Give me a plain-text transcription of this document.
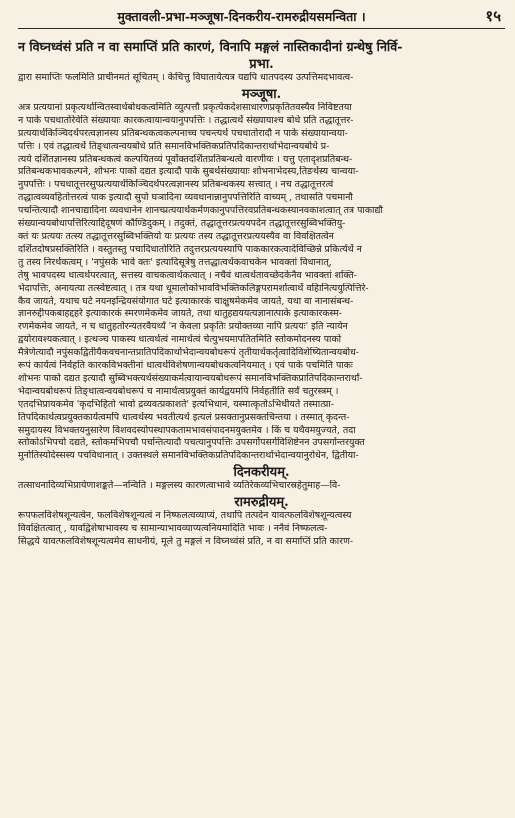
मुक्तावली-प्रभा-मञ्जूषा-दिनकरीय-रामरुद्रीयसमन्विता ।	१५
न विघ्नध्वंसं प्रति न वा समाप्तिं प्रति कारणं, विनापि मङ्गलं नास्तिकादीनां ग्रन्थेषु निर्वि-
प्रभा.
द्वारा समाप्तिः फलमिति प्राचीनमतं सूचितम् । केचित्तु विघातायेत्यत्र यद्यपि धातपदस्य उत्पत्तिमदभावत्व-
मञ्जूषा.
अत्र प्रत्ययानां प्रकृत्यर्थान्वितस्वार्थबोधकत्वमिति व्युत्पत्तौ प्रकृत्येकदेशसाधारणप्रकृतितवस्यैव निविष्टतया
न पाके पचधातोरेवेति संख्यायाः कारकत्वायान्वयानुपपत्तिः । तद्धात्वर्थे संख्यायाश्च बोधे प्रति तद्धातूत्तर-
प्रत्ययार्थकिञ्चिदर्थपरत्वज्ञानस्य प्रतिबन्धकत्वकल्पनाच्च पचन्त्यर्थ पचधातोरादौ न पाके संख्यायान्वया-
पत्तिः । एवं तद्धात्वर्थे तिङ्धात्वन्वयबोधे प्रति समानविभक्तिकप्रतिपदिकान्तरार्थाभेदान्वयबोधे प्र-
त्यये दर्शितज्ञानस्य प्रतिबन्धकत्वं कल्पयितव्यं पूर्वोक्तदर्शितप्रतिबन्धत्वे वारणीयः । यत्तु एतादृशप्रतिबन्ध-
प्रतिबन्धकभावकल्पने, शोभनः पाको दद्यत इत्यादौ पाके सुबर्थसंख्यायाः शोभनाभेदस्य,तिङर्थस्य चान्वया-
नुपपत्तिः । पचधातूत्तरसुप्प्रत्ययार्थकिञ्चिदर्थपरत्वज्ञानस्य प्रतिबन्धकस्य सत्त्वात् । नच तद्धातूत्तरत्वं
तद्धात्वव्यवहितोत्तरत्वं पाक इत्यादौ सुपो घञादिना व्यवधानान्नानुपपत्तिरिति वाच्यम् , तथासति पचमानौ
पचन्तित्यादौ शानचाद्यादिना व्यवधानेन शानच्प्रत्ययार्थकर्मणकानुपपत्तिरवप्रतिबन्धकस्यानवकाशत्वात् तत्र पाकाद्यौ
संख्यान्वयबोधापत्तिरित्याद्दिदूषणं कौण्डिदुकम् । तदुक्तं, तद्धातूत्तरप्रत्ययपदेन तद्धातूत्तरसुब्विभक्तियु-
क्तं यः प्रत्ययः तत्स्य तद्धातूत्तरसुब्विभक्तियो यः प्रत्ययः तस्य तद्धातूत्तरप्रत्ययस्यैव वा विवक्षितत्वेन
दर्शितदोषप्रसक्तिरिति । वस्तुतस्तु पचादिधातोरिति तदुत्तरप्रत्ययस्यापि पाककारकत्वादेविच्छिन्ने प्रकिर्त्यर्थे न
तु तस्य निरर्थकत्वम् । 'नपुंसके भावे क्तः' इत्यादिसूत्रेषु तत्तद्धात्वर्थकवाचकेन भावक्तां विधानात्,
तेषु भावपदस्य धात्वर्थपरत्वात्, सत्तस्य वाचकत्वार्थकत्वात् । नचैवं धात्वर्थतावच्छेदकेनैव भावक्तां शक्ति-
भेदापत्तिः, अनायत्या तत्स्वेष्टत्वात् । तत्र यथा धूमालोकोभावविभक्तिकलिङ्गपरामर्शात्वार्थे वहिानित्ययुत्पित्तिरे-
कैव जायते, यथाच घटे नयनइन्द्रियसंयोगात घटे इत्याकारकं चाक्षुषमेकमेव जायते, यथा वा नानासंबन्ध-
ज्ञानरुद्दीपकबाहद्दहरे इत्याकारकं स्मरणमेकमेव जायते, तथा धातुहद्यययत्यज्ञानात्पाके इत्याकारकस्म-
रणमेकमेव जायते, न च धातुहतोरन्यतरवैयर्थ्यं 'न केवला प्रकृतिः प्रयोक्तव्या नापि प्रत्ययः' इति न्यायेन
द्वयोरावश्यकत्वात् । इत्थञ्च पाकस्य धात्वर्थत्वं नामार्थत्वं चेत्युभयमापतितमिति स्तोकमोदनस्य पाको
मैत्रेणेत्यादौ नपुंसकद्वितीयैकवचनान्तप्रातिपदिकार्थाभेदान्वयबोधरूपं तृतीयार्थकर्तृत्वादिविशेष्यितान्वयबोध-
रूपं कार्यत्वं निर्वहति कारकविभक्तीनां धात्वर्थविशेषणान्वयबोधकत्वनियमात् । एवं पाके पचमिति पाकः
शोभनः पाको दद्यत इत्यादौ सुब्विभक्त्यर्थसंख्याकर्मत्वायान्वयबोधरूपं समानविभक्तिकप्रातिपदिकान्तरार्थां-
भेदान्वयबोधरूपं तिङ्धात्वन्वयबोधरूपं च नामार्थत्वप्रयुक्तं कार्यद्वयमपि निर्वहतीति सर्वं चतुरस्त्रम् ।
एतदभिप्रायकमेव 'कृदभिहितो भावो द्रव्यवत्प्रकाशते' इत्यभिधानं, यस्मात्कृतोऽभिधीयते तस्मात्प्रा-
तिपदिकार्थत्वप्रयुक्तकार्यत्वमपि धात्वर्थस्य भवतीत्यर्थ इत्यलं प्रसक्तानुप्रसक्तचिन्तया । तस्मात् कृदन्त-
समुदायस्य विभक्तयनुसारेण विशवदस्योपस्थापकतामभावसंपादनमयुक्तमेव । किं च यथैवमयुज्यते, तदा
स्तोकोऽभिपचो दद्यते, स्तोकमभिपचौ पचन्तित्यादौ पचत्यानुपपत्तिः उपसर्गोपसर्गविशिष्टेनन उपसर्गान्तरयुक्त
मुनोतिस्योदेस्सस्य पचविधानात् । उक्तस्थले समानविभक्तिकप्रतिपदिकान्तरार्थाभेदान्वयानुरोधेन, द्वितीया-
दिनकरीयम्.
तत्साधनादिव्यभिप्रायेणाशङ्कते—नन्विति । मङ्गलस्य कारणत्वाभावे व्यतिरेकव्यभिचारस्रहेतुमाह—वि-
रामरुद्रीयम्.
रूपफलविशेषशून्यत्वेन, फलविशेषशून्यत्वं न निष्फलत्वव्याप्यं, तथापि तत्पदेन यावत्फलविशेषशून्यत्वस्य
विवक्षितत्वात् , यावद्विशेषाभावस्य च सामान्याभावव्याप्यत्वनियमादिति भावः । ननैवं निष्फलत्व-
सिद्धये यावत्फलविशेषशून्यत्वमेव साधनीयं, मूले तु मङ्गलं न विघ्नध्वंसं प्रति, न वा समाप्तिं प्रति कारण-
